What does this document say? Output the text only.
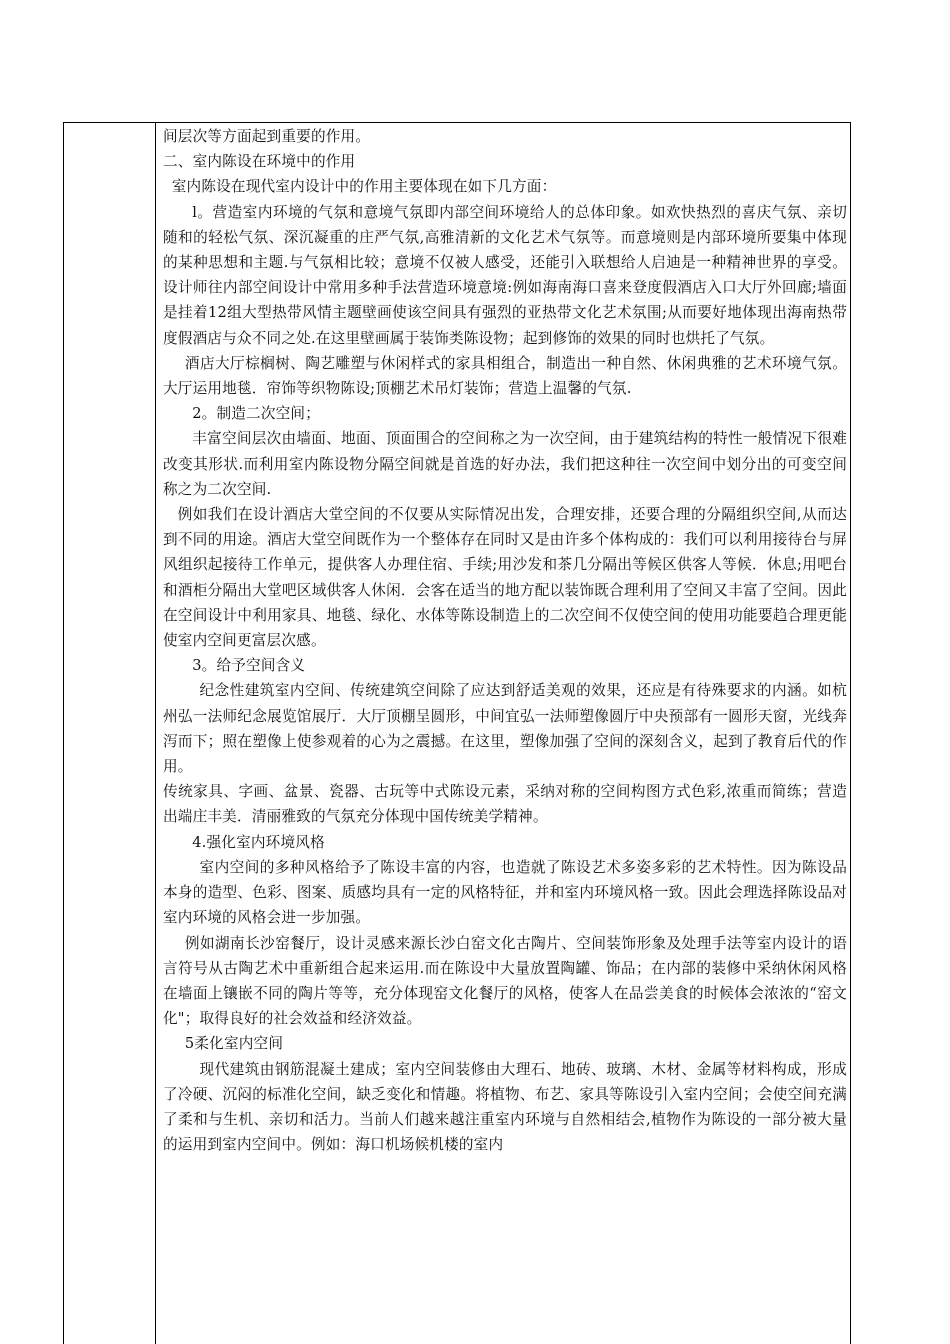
间层次等方面起到重要的作用。

二、室内陈设在环境中的作用

室内陈设在现代室内设计中的作用主要体现在如下几方面：

l。营造室内环境的气氛和意境气氛即内部空间环境给人的总体印象。如欢快热烈的喜庆气氛、亲切随和的轻松气氛、深沉凝重的庄严气氛,高雅清新的文化艺术气氛等。而意境则是内部环境所要集中体现的某种思想和主题.与气氛相比较；意境不仅被人感受，还能引入联想给人启迪是一种精神世界的享受。设计师往内部空间设计中常用多种手法营造环境意境:例如海南海口喜来登度假酒店入口大厅外回廊;墙面是挂着12组大型热带风情主题壁画使该空间具有强烈的亚热带文化艺术氛围;从而要好地体现出海南热带度假酒店与众不同之处.在这里壁画属于装饰类陈设物；起到修饰的效果的同时也烘托了气氛。

酒店大厅棕榈树、陶艺雕塑与休闲样式的家具相组合，制造出一种自然、休闲典雅的艺术环境气氛。大厅运用地毯．帘饰等织物陈设;顶棚艺术吊灯装饰；营造上温馨的气氛.

2。制造二次空间；

丰富空间层次由墙面、地面、顶面围合的空间称之为一次空间，由于建筑结构的特性一般情况下很难改变其形状.而利用室内陈设物分隔空间就是首选的好办法，我们把这种往一次空间中划分出的可变空间称之为二次空间.

例如我们在设计酒店大堂空间的不仅要从实际情况出发，合理安排，还要合理的分隔组织空间,从而达到不同的用途。酒店大堂空间既作为一个整体存在同时又是由许多个体构成的：我们可以利用接待台与屏风组织起接待工作单元，提供客人办理住宿、手续;用沙发和茶几分隔出等候区供客人等候．休息;用吧台和酒柜分隔出大堂吧区域供客人休闲．会客在适当的地方配以装饰既合理利用了空间又丰富了空间。因此在空间设计中利用家具、地毯、绿化、水体等陈设制造上的二次空间不仅使空间的使用功能要趋合理更能使室内空间更富层次感。

3。给予空间含义

纪念性建筑室内空间、传统建筑空间除了应达到舒适美观的效果，还应是有待殊要求的内涵。如杭州弘一法师纪念展览馆展厅．大厅顶棚呈圆形，中间宜弘一法师塑像圆厅中央预部有一圆形天窗，光线奔泻而下；照在塑像上使参观着的心为之震撼。在这里，塑像加强了空间的深刻含义，起到了教育后代的作用。

传统家具、字画、盆景、瓷器、古玩等中式陈设元素，采纳对称的空间构图方式色彩,浓重而简练；营造出端庄丰美．清丽雅致的气氛充分体现中国传统美学精神。

4.强化室内环境风格

室内空间的多种风格给予了陈设丰富的内容，也造就了陈设艺术多姿多彩的艺术特性。因为陈设品本身的造型、色彩、图案、质感均具有一定的风格特征，并和室内环境风格一致。因此会理选择陈设品对室内环境的风格会进一步加强。

例如湖南长沙窑餐厅，设计灵感来源长沙白窑文化古陶片、空间装饰形象及处理手法等室内设计的语言符号从古陶艺术中重新组合起来运用.而在陈设中大量放置陶罐、饰品；在内部的装修中采纳休闲风格在墙面上镶嵌不同的陶片等等，充分体现窑文化餐厅的风格，使客人在品尝美食的时候体会浓浓的“窑文化"；取得良好的社会效益和经济效益。

5柔化室内空间

现代建筑由钢筋混凝土建成；室内空间装修由大理石、地砖、玻璃、木材、金属等材料构成，形成了冷硬、沉闷的标准化空间，缺乏变化和情趣。将植物、布艺、家具等陈设引入室内空间；会使空间充满了柔和与生机、亲切和活力。当前人们越来越注重室内环境与自然相结会,植物作为陈设的一部分被大量的运用到室内空间中。例如：海口机场候机楼的室内
